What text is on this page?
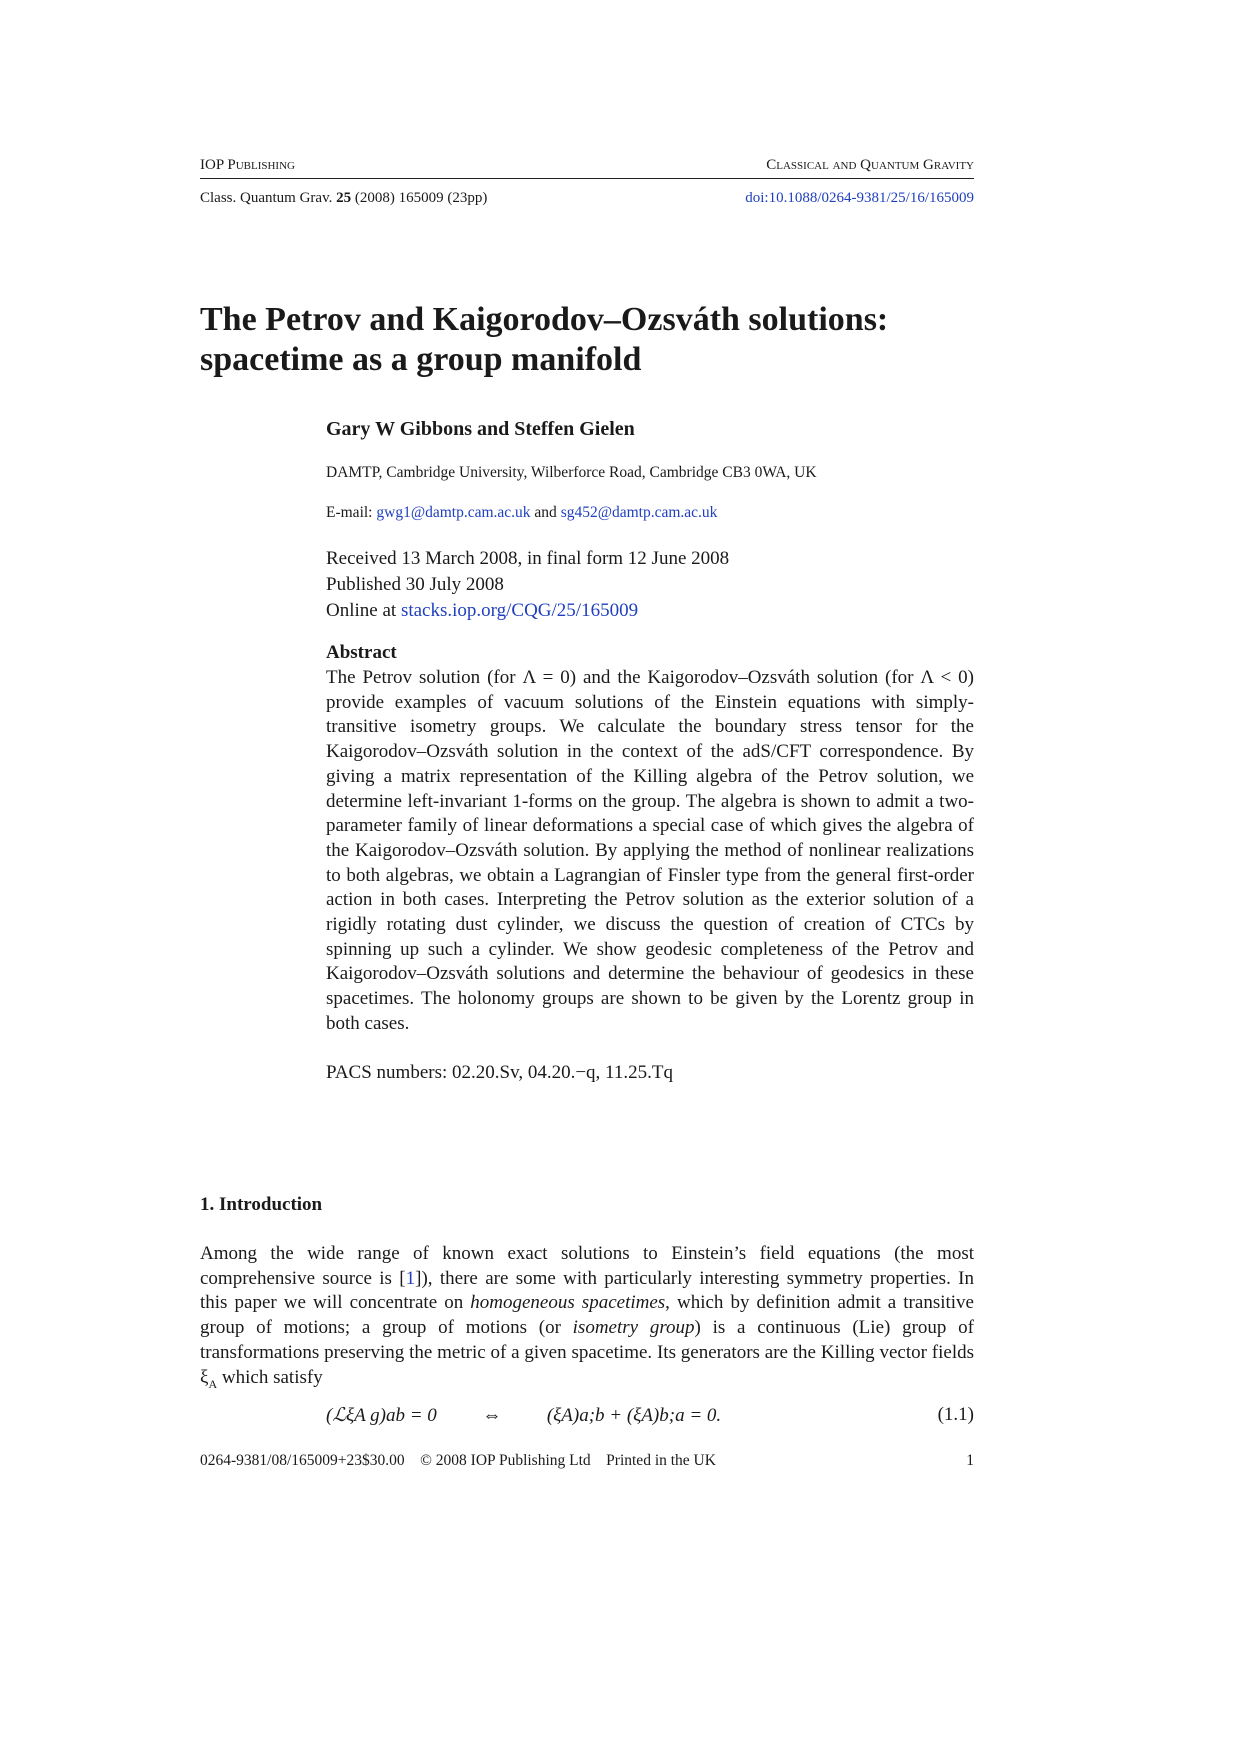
IOP Publishing	Classical and Quantum Gravity
Class. Quantum Grav. 25 (2008) 165009 (23pp)	doi:10.1088/0264-9381/25/16/165009
The Petrov and Kaigorodov–Ozsváth solutions:
spacetime as a group manifold
Gary W Gibbons and Steffen Gielen
DAMTP, Cambridge University, Wilberforce Road, Cambridge CB3 0WA, UK
E-mail: gwg1@damtp.cam.ac.uk and sg452@damtp.cam.ac.uk
Received 13 March 2008, in final form 12 June 2008
Published 30 July 2008
Online at stacks.iop.org/CQG/25/165009
Abstract
The Petrov solution (for Λ = 0) and the Kaigorodov–Ozsváth solution (for Λ < 0) provide examples of vacuum solutions of the Einstein equations with simply-transitive isometry groups. We calculate the boundary stress tensor for the Kaigorodov–Ozsváth solution in the context of the adS/CFT correspondence. By giving a matrix representation of the Killing algebra of the Petrov solution, we determine left-invariant 1-forms on the group. The algebra is shown to admit a two-parameter family of linear deformations a special case of which gives the algebra of the Kaigorodov–Ozsváth solution. By applying the method of nonlinear realizations to both algebras, we obtain a Lagrangian of Finsler type from the general first-order action in both cases. Interpreting the Petrov solution as the exterior solution of a rigidly rotating dust cylinder, we discuss the question of creation of CTCs by spinning up such a cylinder. We show geodesic completeness of the Petrov and Kaigorodov–Ozsváth solutions and determine the behaviour of geodesics in these spacetimes. The holonomy groups are shown to be given by the Lorentz group in both cases.
PACS numbers: 02.20.Sv, 04.20.−q, 11.25.Tq
1. Introduction
Among the wide range of known exact solutions to Einstein’s field equations (the most comprehensive source is [1]), there are some with particularly interesting symmetry properties. In this paper we will concentrate on homogeneous spacetimes, which by definition admit a transitive group of motions; a group of motions (or isometry group) is a continuous (Lie) group of transformations preserving the metric of a given spacetime. Its generators are the Killing vector fields $\xi_A$ which satisfy
(ℒξA g)ab = 0 ⇔ (ξA)a;b + (ξA)b;a = 0.	(1.1)
0264-9381/08/165009+23$30.00    © 2008 IOP Publishing Ltd    Printed in the UK	1
